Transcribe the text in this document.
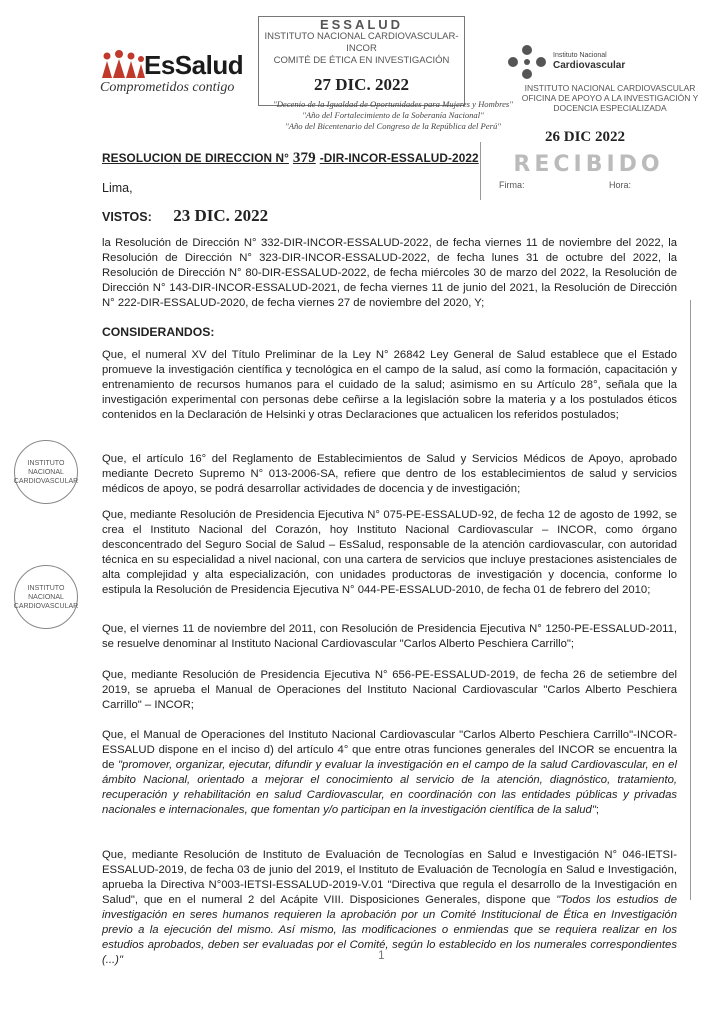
EsSalud
Comprometidos contigo
ESSALUD
INSTITUTO NACIONAL CARDIOVASCULAR-INCOR
COMITÉ DE ÉTICA EN INVESTIGACIÓN
27 DIC. 2022
Instituto Nacional
Cardiovascular
INSTITUTO NACIONAL CARDIOVASCULAR
OFICINA DE APOYO A LA INVESTIGACIÓN Y
DOCENCIA ESPECIALIZADA
26 DIC 2022
RECIBIDO
Firma:	Hora:
"Decenio de la Igualdad de Oportunidades para Mujeres y Hombres"
"Año del Fortalecimiento de la Soberanía Nacional"
"Año del Bicentenario del Congreso de la República del Perú"
RESOLUCION DE DIRECCION N° 379 -DIR-INCOR-ESSALUD-2022
Lima,
VISTOS: 23 DIC. 2022
la Resolución de Dirección N° 332-DIR-INCOR-ESSALUD-2022, de fecha viernes 11 de noviembre del 2022, la Resolución de Dirección N° 323-DIR-INCOR-ESSALUD-2022, de fecha lunes 31 de octubre del 2022, la Resolución de Dirección N° 80-DIR-ESSALUD-2022, de fecha miércoles 30 de marzo del 2022, la Resolución de Dirección N° 143-DIR-INCOR-ESSALUD-2021, de fecha viernes 11 de junio del 2021, la Resolución de Dirección N° 222-DIR-ESSALUD-2020, de fecha viernes 27 de noviembre del 2020, Y;
CONSIDERANDOS:
Que, el numeral XV del Título Preliminar de la Ley N° 26842 Ley General de Salud establece que el Estado promueve la investigación científica y tecnológica en el campo de la salud, así como la formación, capacitación y entrenamiento de recursos humanos para el cuidado de la salud; asimismo en su Artículo 28°, señala que la investigación experimental con personas debe ceñirse a la legislación sobre la materia y a los postulados éticos contenidos en la Declaración de Helsinki y otras Declaraciones que actualicen los referidos postulados;
Que, el artículo 16° del Reglamento de Establecimientos de Salud y Servicios Médicos de Apoyo, aprobado mediante Decreto Supremo N° 013-2006-SA, refiere que dentro de los establecimientos de salud y servicios médicos de apoyo, se podrá desarrollar actividades de docencia y de investigación;
Que, mediante Resolución de Presidencia Ejecutiva N° 075-PE-ESSALUD-92, de fecha 12 de agosto de 1992, se crea el Instituto Nacional del Corazón, hoy Instituto Nacional Cardiovascular – INCOR, como órgano desconcentrado del Seguro Social de Salud – EsSalud, responsable de la atención cardiovascular, con autoridad técnica en su especialidad a nivel nacional, con una cartera de servicios que incluye prestaciones asistenciales de alta complejidad y alta especialización, con unidades productoras de investigación y docencia, conforme lo estipula la Resolución de Presidencia Ejecutiva N° 044-PE-ESSALUD-2010, de fecha 01 de febrero del 2010;
Que, el viernes 11 de noviembre del 2011, con Resolución de Presidencia Ejecutiva N° 1250-PE-ESSALUD-2011, se resuelve denominar al Instituto Nacional Cardiovascular "Carlos Alberto Peschiera Carrillo";
Que, mediante Resolución de Presidencia Ejecutiva N° 656-PE-ESSALUD-2019, de fecha 26 de setiembre del 2019, se aprueba el Manual de Operaciones del Instituto Nacional Cardiovascular "Carlos Alberto Peschiera Carrillo" – INCOR;
Que, el Manual de Operaciones del Instituto Nacional Cardiovascular "Carlos Alberto Peschiera Carrillo"-INCOR-ESSALUD dispone en el inciso d) del artículo 4° que entre otras funciones generales del INCOR se encuentra la de "promover, organizar, ejecutar, difundir y evaluar la investigación en el campo de la salud Cardiovascular, en el ámbito Nacional, orientado a mejorar el conocimiento al servicio de la atención, diagnóstico, tratamiento, recuperación y rehabilitación en salud Cardiovascular, en coordinación con las entidades públicas y privadas nacionales e internacionales, que fomentan y/o participan en la investigación científica de la salud";
Que, mediante Resolución de Instituto de Evaluación de Tecnologías en Salud e Investigación N° 046-IETSI-ESSALUD-2019, de fecha 03 de junio del 2019, el Instituto de Evaluación de Tecnología en Salud e Investigación, aprueba la Directiva N°003-IETSI-ESSALUD-2019-V.01 "Directiva que regula el desarrollo de la Investigación en Salud", que en el numeral 2 del Acápite VIII. Disposiciones Generales, dispone que "Todos los estudios de investigación en seres humanos requieren la aprobación por un Comité Institucional de Ética en Investigación previo a la ejecución del mismo. Así mismo, las modificaciones o enmiendas que se requiera realizar en los estudios aprobados, deben ser evaluadas por el Comité, según lo establecido en los numerales correspondientes (...)"
INSTITUTO NACIONAL CARDIOVASCULAR
INSTITUTO NACIONAL CARDIOVASCULAR
1
